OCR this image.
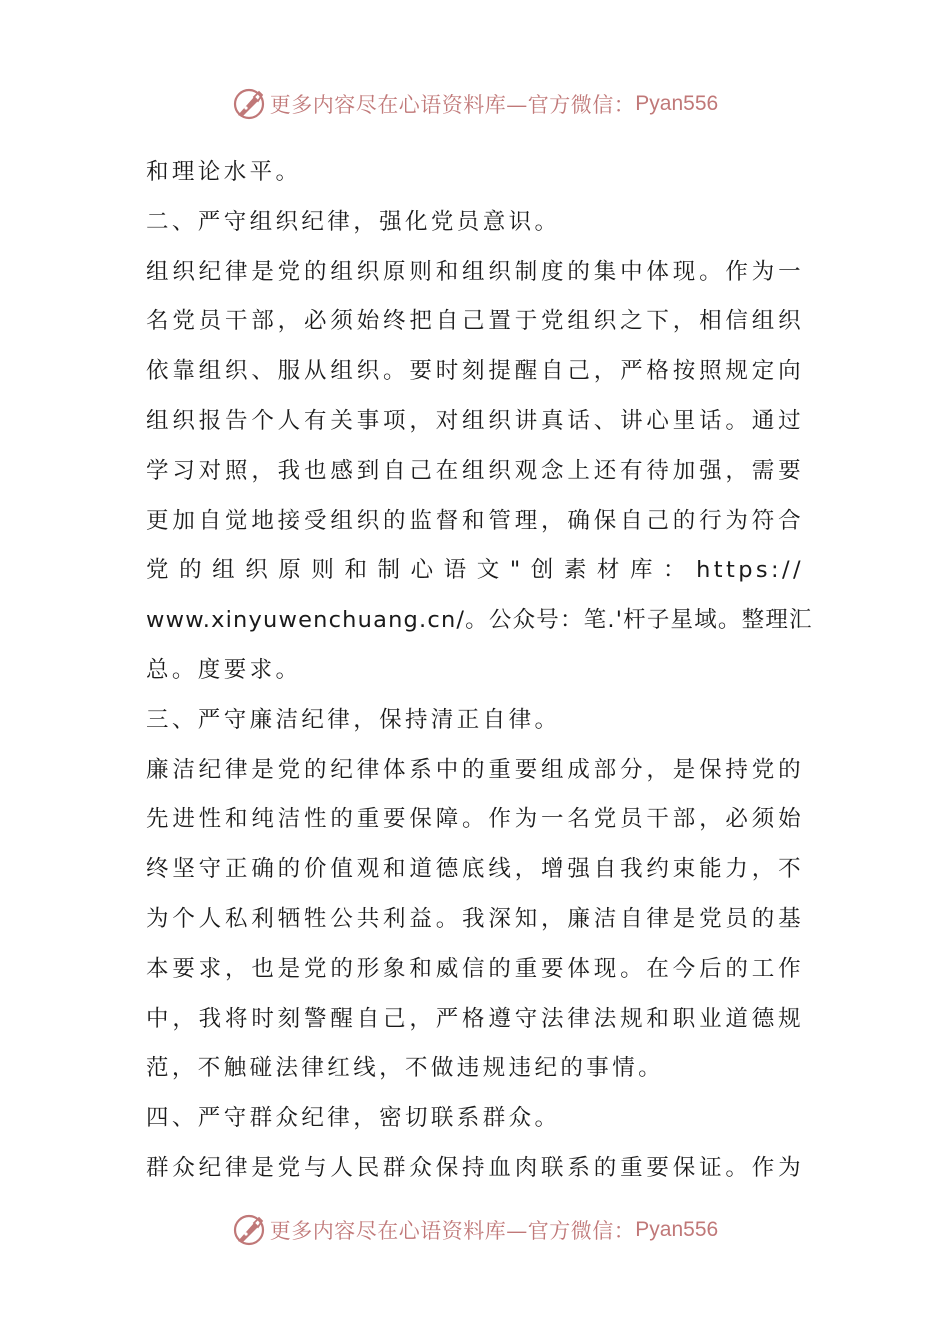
更多内容尽在心语资料库—官方微信： Pyan556
和理论水平。
二、严守组织纪律，强化党员意识。
组织纪律是党的组织原则和组织制度的集中体现。作为一
名党员干部，必须始终把自己置于党组织之下，相信组织
依靠组织、服从组织。要时刻提醒自己，严格按照规定向
组织报告个人有关事项，对组织讲真话、讲心里话。通过
学习对照，我也感到自己在组织观念上还有待加强，需要
更加自觉地接受组织的监督和管理，确保自己的行为符合
党的组织原则和制心语文"创素材库：https://
www.xinyuwenchuang.cn/。公众号：笔.'杆子星域。整理汇
总。度要求。
三、严守廉洁纪律，保持清正自律。
廉洁纪律是党的纪律体系中的重要组成部分，是保持党的
先进性和纯洁性的重要保障。作为一名党员干部，必须始
终坚守正确的价值观和道德底线，增强自我约束能力，不
为个人私利牺牲公共利益。我深知，廉洁自律是党员的基
本要求，也是党的形象和威信的重要体现。在今后的工作
中，我将时刻警醒自己，严格遵守法律法规和职业道德规
范，不触碰法律红线，不做违规违纪的事情。
四、严守群众纪律，密切联系群众。
群众纪律是党与人民群众保持血肉联系的重要保证。作为
更多内容尽在心语资料库—官方微信： Pyan556
